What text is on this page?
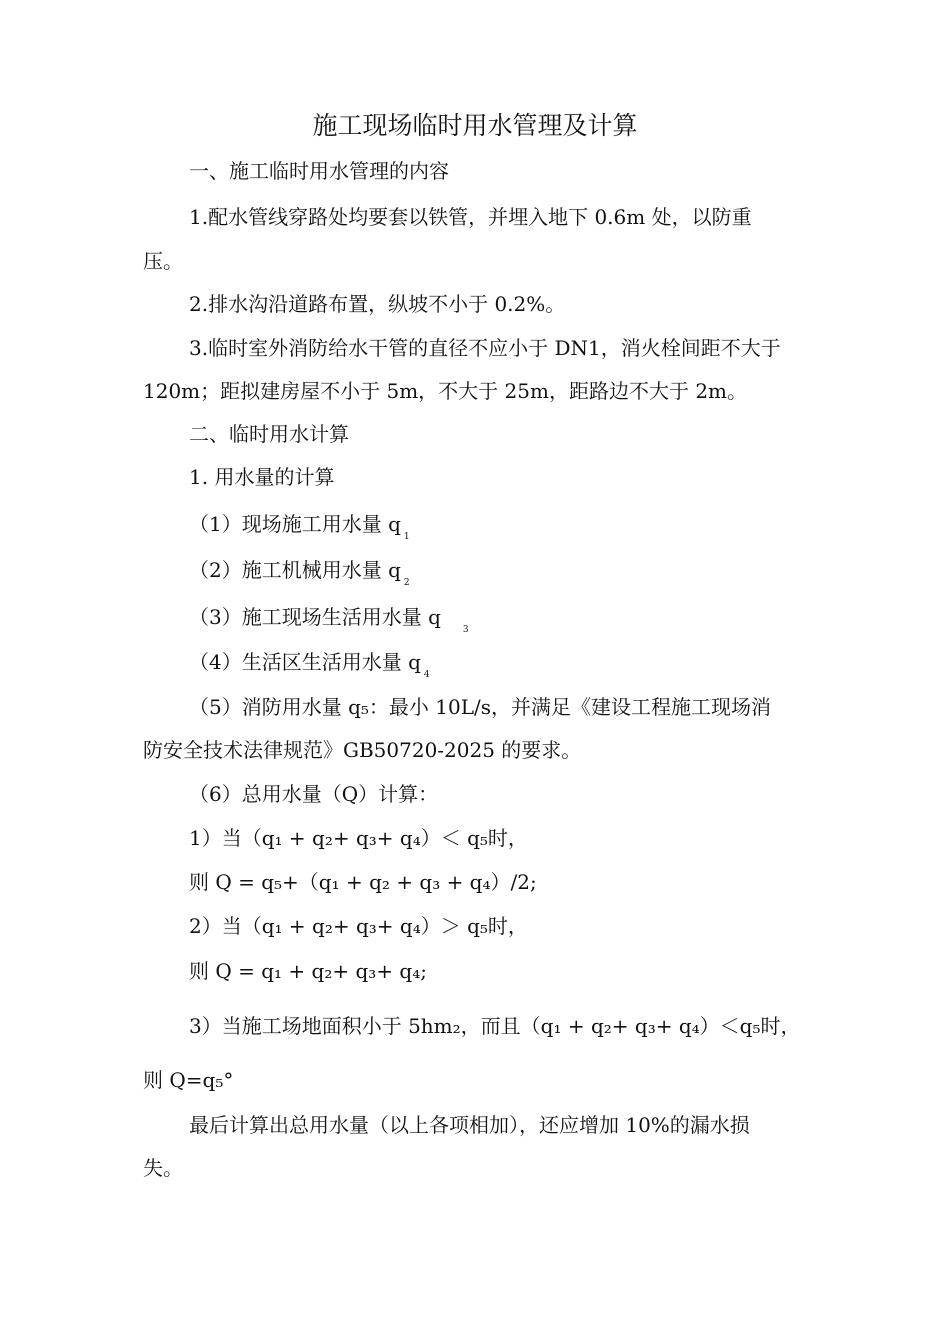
施工现场临时用水管理及计算
一、施工临时用水管理的内容
1.配水管线穿路处均要套以铁管，并埋入地下 0.6m 处，以防重
压。
2.排水沟沿道路布置，纵坡不小于 0.2%。
3.临时室外消防给水干管的直径不应小于 DN1，消火栓间距不大于
120m；距拟建房屋不小于 5m，不大于 25m，距路边不大于 2m。
二、临时用水计算
1. 用水量的计算
（1）现场施工用水量 $q_1$
（2）施工机械用水量 $q_2$
（3）施工现场生活用水量 $q_3$
（4）生活区生活用水量 $q_4$
（5）消防用水量 q₅：最小 10L/s，并满足《建设工程施工现场消
防安全技术法律规范》GB50720-2025 的要求。
（6）总用水量（Q）计算：
1）当（q₁ + q₂+ q₃+ q₄）＜ q₅时，
则 Q = q₅+（q₁ + q₂ + q₃ + q₄）/2;
2）当（q₁ + q₂+ q₃+ q₄）＞ q₅时，
则 Q = q₁ + q₂+ q₃+ q₄;
3）当施工场地面积小于 5hm₂，而且（q₁ + q₂+ q₃+ q₄）＜q₅时，
则 Q=q₅°
最后计算出总用水量（以上各项相加），还应增加 10%的漏水损
失。
